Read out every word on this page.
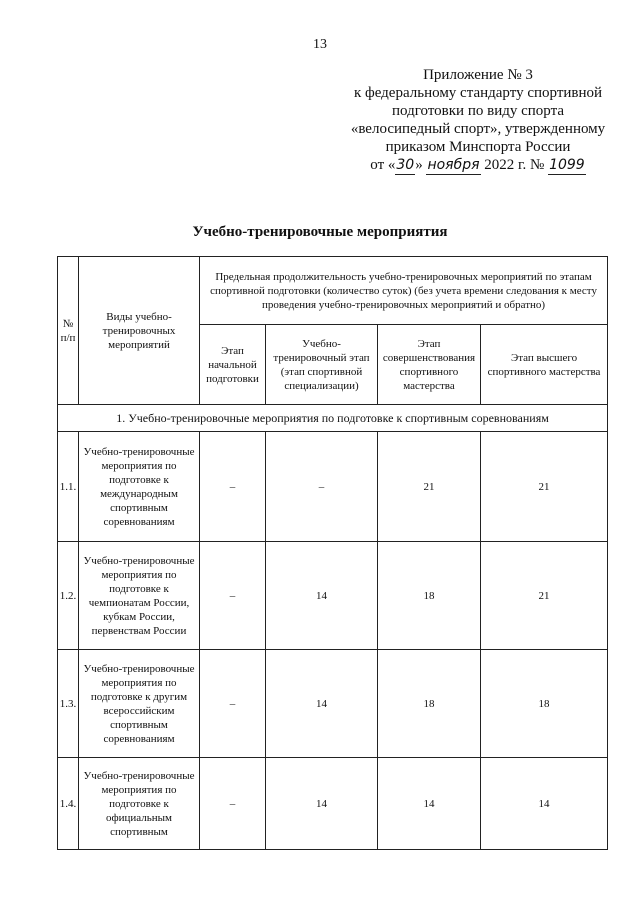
13
Приложение № 3
к федеральному стандарту спортивной
подготовки по виду спорта
«велосипедный спорт», утвержденному
приказом Минспорта России
от «30» ноября 2022 г. № 1099
Учебно-тренировочные мероприятия
№ п/п	Виды учебно-тренировочных мероприятий	Предельная продолжительность учебно-тренировочных мероприятий по этапам спортивной подготовки (количество суток) (без учета времени следования к месту проведения учебно-тренировочных мероприятий и обратно)			
		Этап начальной подготовки	Учебно-тренировочный этап (этап спортивной специализации)	Этап совершенствования спортивного мастерства	Этап высшего спортивного мастерства
1. Учебно-тренировочные мероприятия по подготовке к спортивным соревнованиям					
1.1.	Учебно-тренировочные мероприятия по подготовке к международным спортивным соревнованиям	–	–	21	21
1.2.	Учебно-тренировочные мероприятия по подготовке к чемпионатам России, кубкам России, первенствам России	–	14	18	21
1.3.	Учебно-тренировочные мероприятия по подготовке к другим всероссийским спортивным соревнованиям	–	14	18	18
1.4.	Учебно-тренировочные мероприятия по подготовке к официальным спортивным	–	14	14	14
